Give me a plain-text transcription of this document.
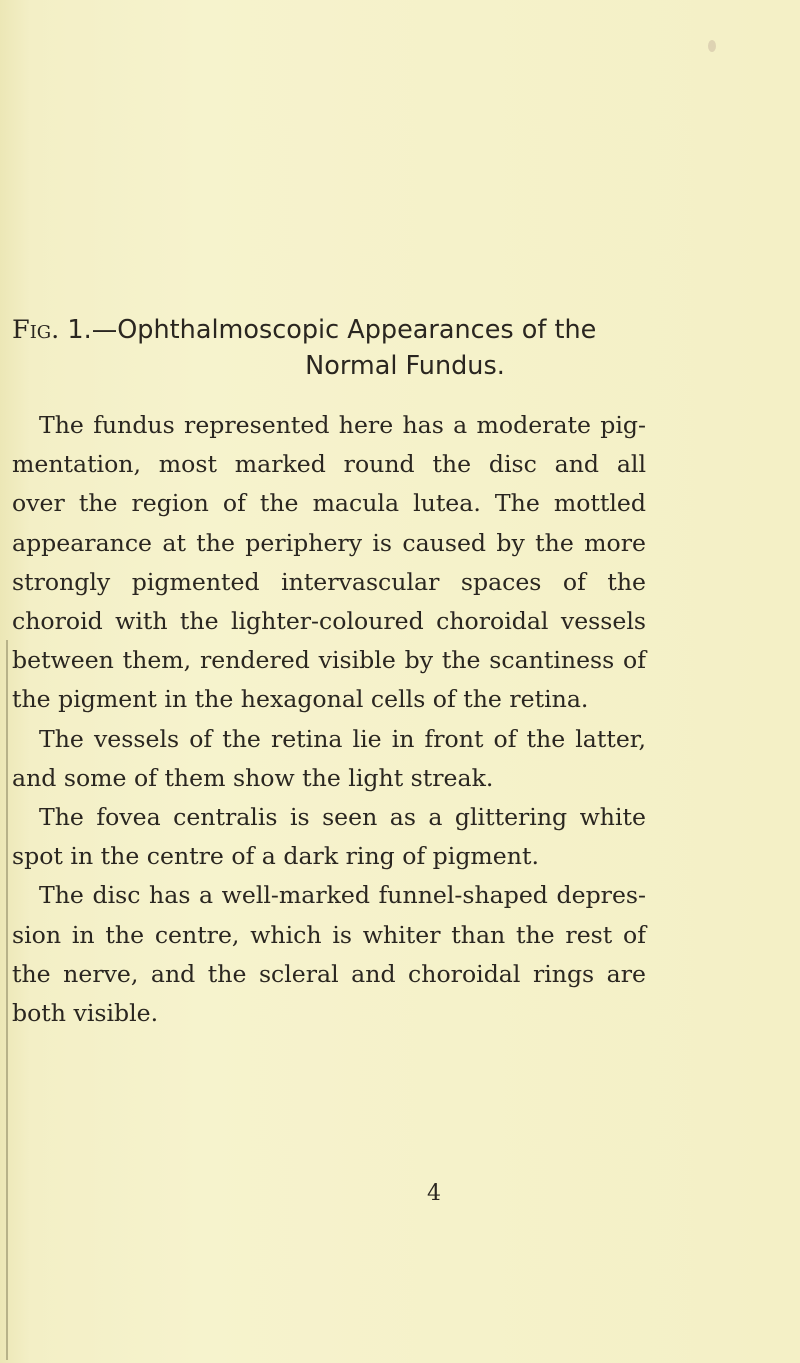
Fig. 1.—Ophthalmoscopic Appearances of the
Normal Fundus.

The fundus represented here has a moderate pig-
mentation, most marked round the disc and all
over the region of the macula lutea. The mottled
appearance at the periphery is caused by the more
strongly pigmented intervascular spaces of the
choroid with the lighter-coloured choroidal vessels
between them, rendered visible by the scantiness of
the pigment in the hexagonal cells of the retina.
The vessels of the retina lie in front of the latter,
and some of them show the light streak.
The fovea centralis is seen as a glittering white
spot in the centre of a dark ring of pigment.
The disc has a well-marked funnel-shaped depres-
sion in the centre, which is whiter than the rest of
the nerve, and the scleral and choroidal rings are
both visible.
4
